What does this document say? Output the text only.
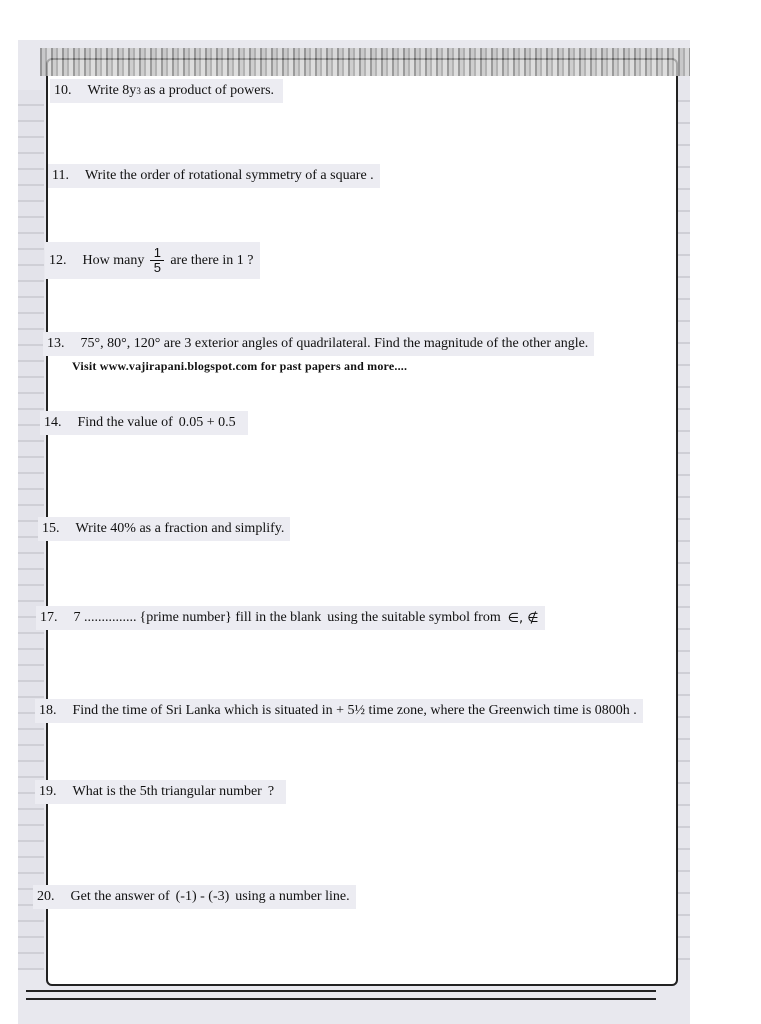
10. Write 8y 3 as a product of powers.
11. Write the order of rotational symmetry of a square .
12. How many $\frac{1}{5}$ are there in 1 ?
13. 75°, 80°, 120° are 3 exterior angles of quadrilateral. Find the magnitude of the other angle.
Visit www.vajirapani.blogspot.com for past papers and more....
14. Find the value of 0.05 + 0.5
15. Write 40% as a fraction and simplify.
17. 7 ............... {prime number} fill in the blank using the suitable symbol from ∈, ∉
18. Find the time of Sri Lanka which is situated in + 5½ time zone, where the Greenwich time is 0800h .
19. What is the 5th triangular number ?
20. Get the answer of (-1) - (-3) using a number line.
